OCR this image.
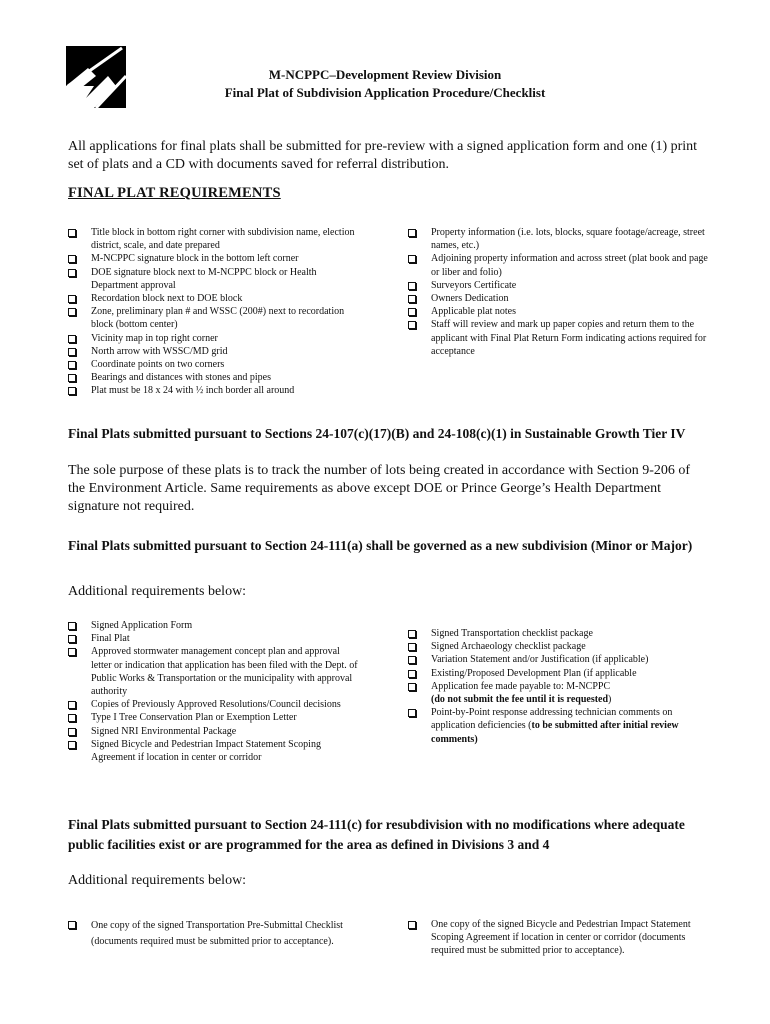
M-NCPPC–Development Review Division
Final Plat of Subdivision Application Procedure/Checklist
All applications for final plats shall be submitted for pre-review with a signed application form and one (1) print set of plats and a CD with documents saved for referral distribution.
FINAL PLAT REQUIREMENTS
Title block in bottom right corner with subdivision name, election district, scale, and date prepared
M-NCPPC signature block in the bottom left corner
DOE signature block next to M-NCPPC block or Health Department approval
Recordation block next to DOE block
Zone, preliminary plan # and WSSC (200#) next to recordation block (bottom center)
Vicinity map in top right corner
North arrow with WSSC/MD grid
Coordinate points on two corners
Bearings and distances with stones and pipes
Plat must be 18 x 24 with ½ inch border all around
Property information (i.e. lots, blocks, square footage/acreage, street names, etc.)
Adjoining property information and across street (plat book and page or liber and folio)
Surveyors Certificate
Owners Dedication
Applicable plat notes
Staff will review and mark up paper copies and return them to the applicant with Final Plat Return Form indicating actions required for acceptance
Final Plats submitted pursuant to Sections 24-107(c)(17)(B) and 24-108(c)(1) in Sustainable Growth Tier IV
The sole purpose of these plats is to track the number of lots being created in accordance with Section 9-206 of the Environment Article. Same requirements as above except DOE or Prince George’s Health Department signature not required.
Final Plats submitted pursuant to Section 24-111(a) shall be governed as a new subdivision (Minor or Major)
Additional requirements below:
Signed Application Form
Final Plat
Approved stormwater management concept plan and approval letter or indication that application has been filed with the Dept. of Public Works & Transportation or the municipality with approval authority
Copies of Previously Approved Resolutions/Council decisions
Type I Tree Conservation Plan or Exemption Letter
Signed NRI Environmental Package
Signed Bicycle and Pedestrian Impact Statement Scoping Agreement if location in center or corridor
Signed Transportation checklist package
Signed Archaeology checklist package
Variation Statement and/or Justification (if applicable)
Existing/Proposed Development Plan (if applicable
Application fee made payable to: M-NCPPC
(do not submit the fee until it is requested)
Point-by-Point response addressing technician comments on application deficiencies (to be submitted after initial review comments)
Final Plats submitted pursuant to Section 24-111(c) for resubdivision with no modifications where adequate public facilities exist or are programmed for the area as defined in Divisions 3 and 4
Additional requirements below:
One copy of the signed Transportation Pre-Submittal Checklist (documents required must be submitted prior to acceptance).
One copy of the signed Bicycle and Pedestrian Impact Statement Scoping Agreement if location in center or corridor (documents required must be submitted prior to acceptance).
